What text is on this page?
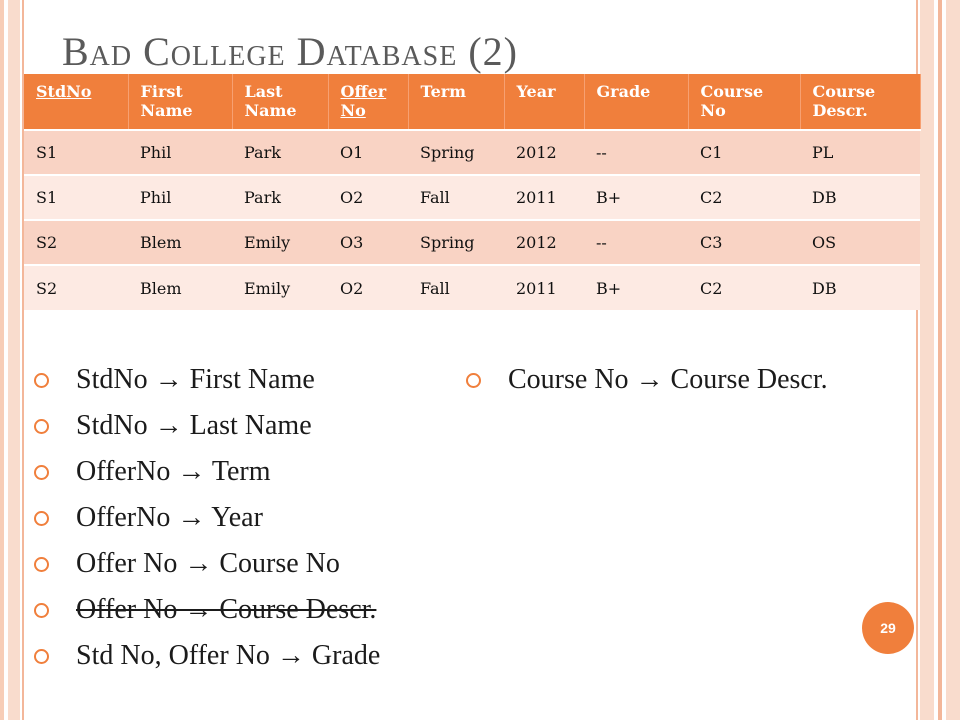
Bad College Database (2)
StdNo	First Name	Last Name	Offer No	Term	Year	Grade	Course No	Course Descr.
S1	Phil	Park	O1	Spring	2012	--	C1	PL
S1	Phil	Park	O2	Fall	2011	B+	C2	DB
S2	Blem	Emily	O3	Spring	2012	--	C3	OS
S2	Blem	Emily	O2	Fall	2011	B+	C2	DB
StdNo → First Name
StdNo → Last Name
OfferNo → Term
OfferNo → Year
Offer No → Course No
Offer No → Course Descr.
Std No, Offer No → Grade
Course No → Course Descr.
29
